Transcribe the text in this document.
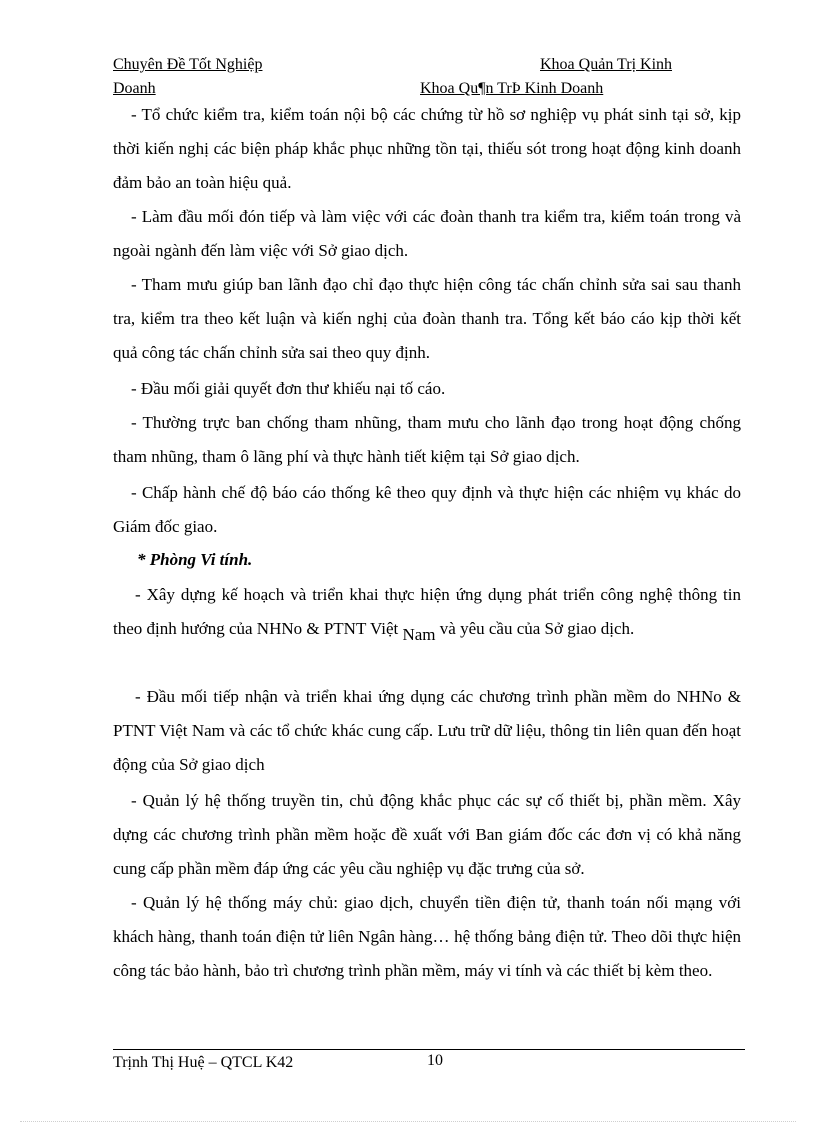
Chuyên Đề Tốt Nghiệp	Khoa Quản Trị Kinh
Doanh	Khoa Qu¶n TrÞ Kinh Doanh

- Tổ chức kiểm tra, kiểm toán nội bộ các chứng từ hồ sơ nghiệp vụ phát sinh tại sở, kịp thời kiến nghị các biện pháp khắc phục những tồn tại, thiếu sót trong hoạt động kinh doanh đảm bảo an toàn hiệu quả.

- Làm đầu mối đón tiếp và làm việc với các đoàn thanh tra kiểm tra, kiểm toán trong và ngoài ngành đến làm việc với Sở giao dịch.

- Tham mưu giúp ban lãnh đạo chỉ đạo thực hiện công tác chấn chỉnh sửa sai sau thanh tra, kiểm tra theo kết luận và kiến nghị của đoàn thanh tra. Tổng kết báo cáo kịp thời kết quả công tác chấn chỉnh sửa sai theo quy định.

- Đầu mối giải quyết đơn thư khiếu nại tố cáo.

- Thường trực ban chống tham nhũng, tham mưu cho lãnh đạo trong hoạt động chống tham nhũng, tham ô lãng phí và thực hành tiết kiệm tại Sở giao dịch.

- Chấp hành chế độ báo cáo thống kê theo quy định và thực hiện các nhiệm vụ khác do Giám đốc giao.

* Phòng Vi tính.

- Xây dựng kế hoạch và triển khai thực hiện ứng dụng phát triển công nghệ thông tin theo định hướng của NHNo & PTNT Việt Nam và yêu cầu của Sở giao dịch.

- Đầu mối tiếp nhận và triển khai ứng dụng các chương trình phần mềm do NHNo & PTNT Việt Nam và các tổ chức khác cung cấp. Lưu trữ dữ liệu, thông tin liên quan đến hoạt động của Sở giao dịch

- Quản lý hệ thống truyền tin, chủ động khắc phục các sự cố thiết bị, phần mềm. Xây dựng các chương trình phần mềm hoặc đề xuất với Ban giám đốc các đơn vị có khả năng cung cấp phần mềm đáp ứng các yêu cầu nghiệp vụ đặc trưng của sở.

- Quản lý hệ thống máy chủ: giao dịch, chuyển tiền điện tử, thanh toán nối mạng với khách hàng, thanh toán điện tử liên Ngân hàng… hệ thống bảng điện tử. Theo dõi thực hiện công tác bảo hành, bảo trì chương trình phần mềm, máy vi tính và các thiết bị kèm theo.

Trịnh Thị Huệ – QTCL K42	10
